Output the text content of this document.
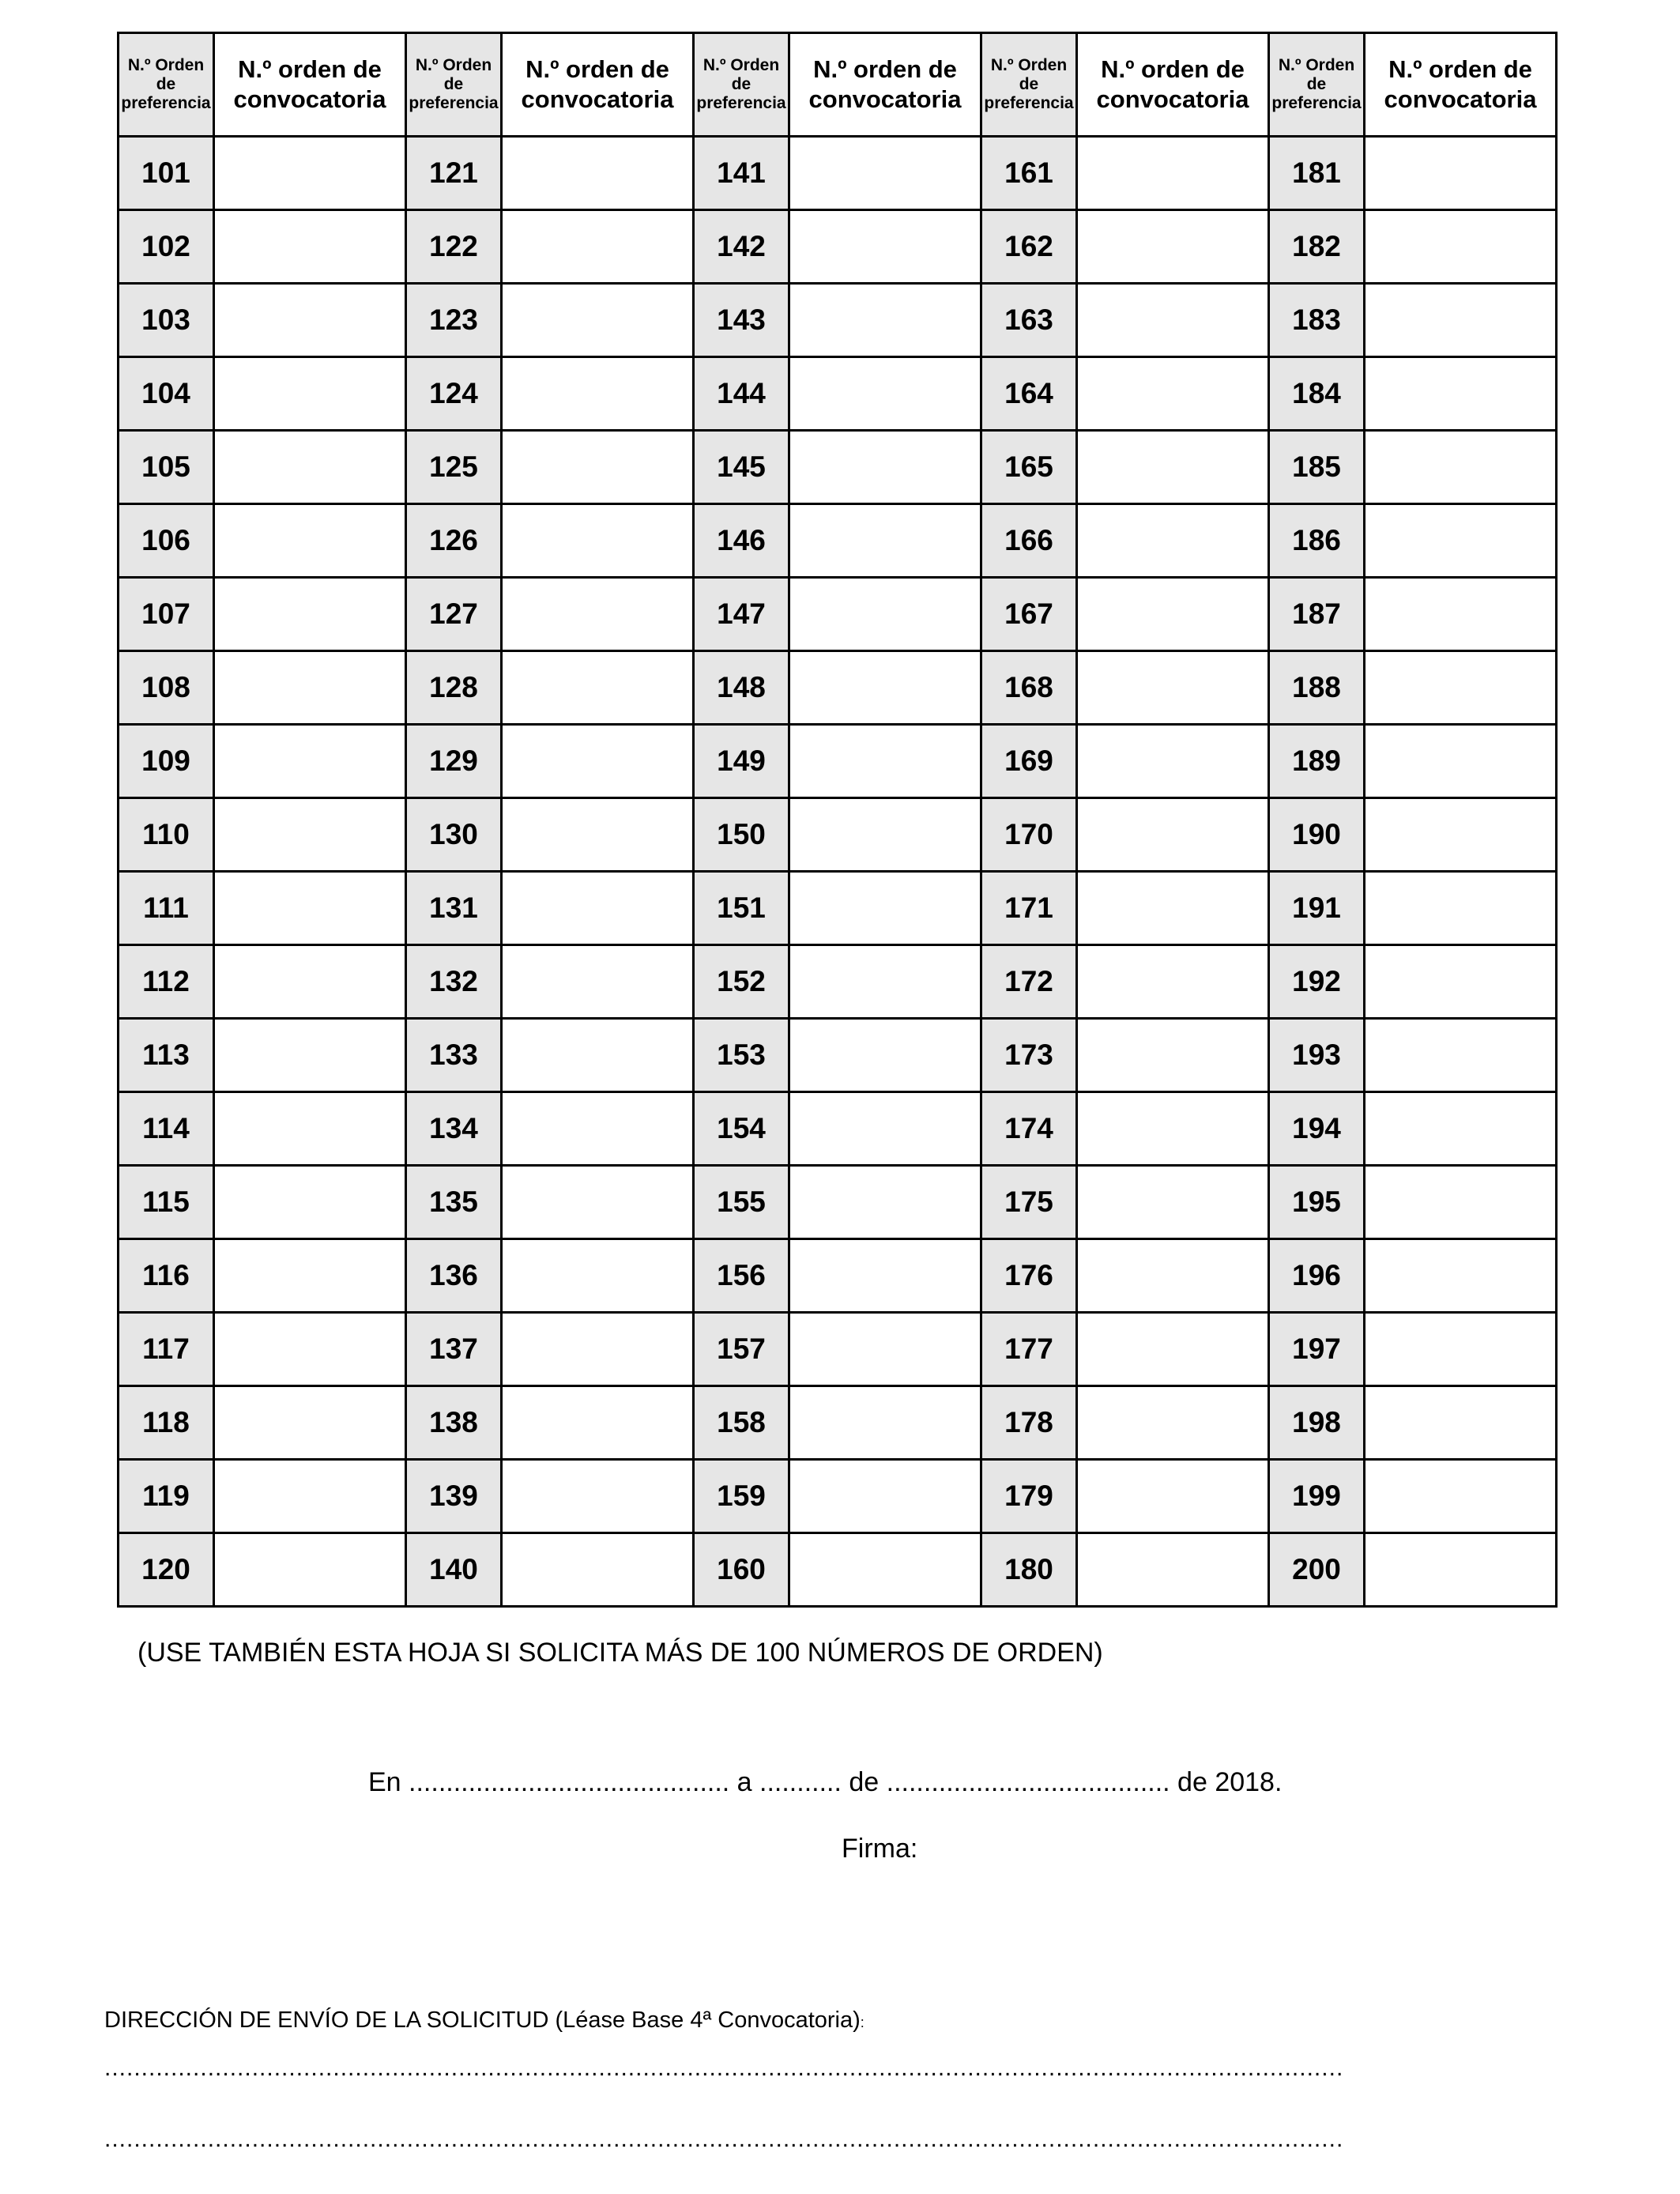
N.º Orden de preferencia	N.º orden de convocatoria	N.º Orden de preferencia	N.º orden de convocatoria	N.º Orden de preferencia	N.º orden de convocatoria	N.º Orden de preferencia	N.º orden de convocatoria	N.º Orden de preferencia	N.º orden de convocatoria
101		121		141		161		181	
102		122		142		162		182	
103		123		143		163		183	
104		124		144		164		184	
105		125		145		165		185	
106		126		146		166		186	
107		127		147		167		187	
108		128		148		168		188	
109		129		149		169		189	
110		130		150		170		190	
111		131		151		171		191	
112		132		152		172		192	
113		133		153		173		193	
114		134		154		174		194	
115		135		155		175		195	
116		136		156		176		196	
117		137		157		177		197	
118		138		158		178		198	
119		139		159		179		199	
120		140		160		180		200	
(USE TAMBIÉN ESTA HOJA SI SOLICITA MÁS DE 100 NÚMEROS DE ORDEN)
En ........................................... a ........... de ...................................... de 2018.
Firma:
DIRECCIÓN DE ENVÍO DE LA SOLICITUD (Léase Base 4ª Convocatoria):
........................................................................................................................................................................
........................................................................................................................................................................
